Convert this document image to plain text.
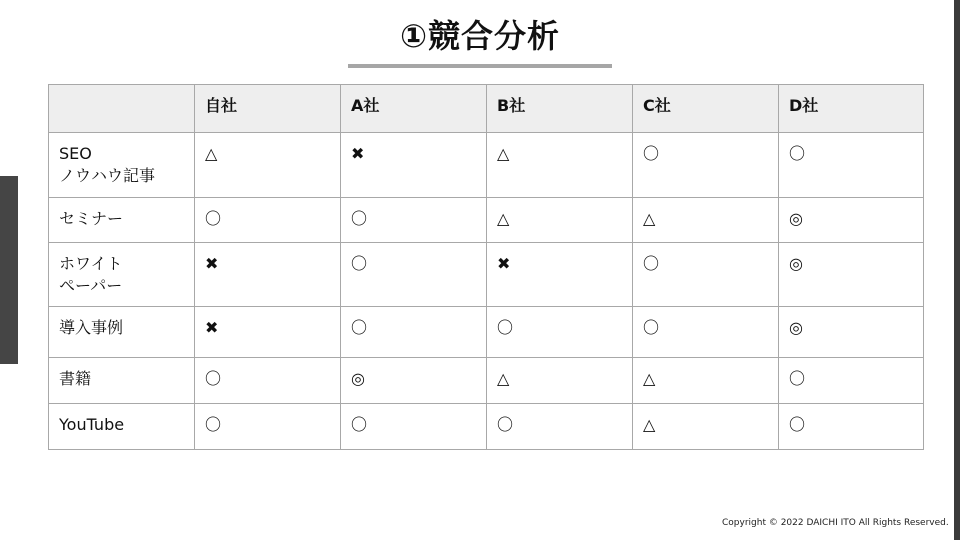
①競合分析
	自社	A社	B社	C社	D社
SEO
ノウハウ記事	△	✖	△	〇	〇
セミナー	〇	〇	△	△	◎
ホワイト
ペーパー	✖	〇	✖	〇	◎
導入事例	✖	〇	〇	〇	◎
書籍	〇	◎	△	△	〇
YouTube	〇	〇	〇	△	〇
Copyright © 2022 DAICHI ITO All Rights Reserved.
